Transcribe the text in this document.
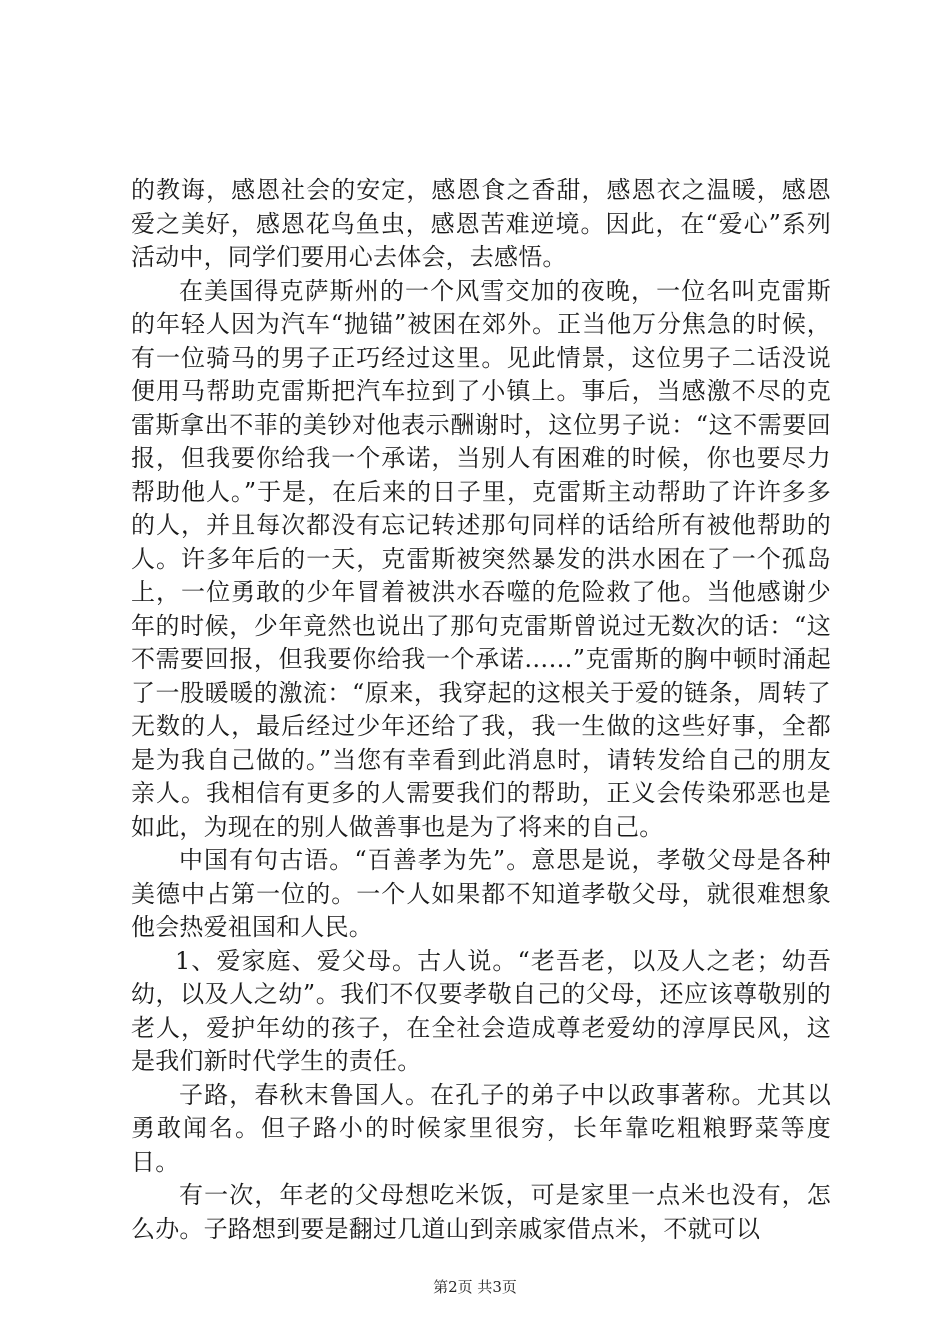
的教诲，感恩社会的安定，感恩食之香甜，感恩衣之温暖，感恩爱之美好，感恩花鸟鱼虫，感恩苦难逆境。因此，在“爱心”系列活动中，同学们要用心去体会，去感悟。

在美国得克萨斯州的一个风雪交加的夜晚，一位名叫克雷斯的年轻人因为汽车“抛锚”被困在郊外。正当他万分焦急的时候，有一位骑马的男子正巧经过这里。见此情景，这位男子二话没说便用马帮助克雷斯把汽车拉到了小镇上。事后，当感激不尽的克雷斯拿出不菲的美钞对他表示酬谢时，这位男子说：“这不需要回报，但我要你给我一个承诺，当别人有困难的时候，你也要尽力帮助他人。”于是，在后来的日子里，克雷斯主动帮助了许许多多的人，并且每次都没有忘记转述那句同样的话给所有被他帮助的人。许多年后的一天，克雷斯被突然暴发的洪水困在了一个孤岛上，一位勇敢的少年冒着被洪水吞噬的危险救了他。当他感谢少年的时候，少年竟然也说出了那句克雷斯曾说过无数次的话：“这不需要回报，但我要你给我一个承诺……”克雷斯的胸中顿时涌起了一股暖暖的激流：“原来，我穿起的这根关于爱的链条，周转了无数的人，最后经过少年还给了我，我一生做的这些好事，全都是为我自己做的。”当您有幸看到此消息时，请转发给自己的朋友亲人。我相信有更多的人需要我们的帮助，正义会传染邪恶也是如此，为现在的别人做善事也是为了将来的自己。

中国有句古语。“百善孝为先”。意思是说，孝敬父母是各种美德中占第一位的。一个人如果都不知道孝敬父母，就很难想象他会热爱祖国和人民。

1、爱家庭、爱父母。古人说。“老吾老，以及人之老；幼吾幼，以及人之幼”。我们不仅要孝敬自己的父母，还应该尊敬别的老人，爱护年幼的孩子，在全社会造成尊老爱幼的淳厚民风，这是我们新时代学生的责任。

子路，春秋末鲁国人。在孔子的弟子中以政事著称。尤其以勇敢闻名。但子路小的时候家里很穷，长年靠吃粗粮野菜等度日。

有一次，年老的父母想吃米饭，可是家里一点米也没有，怎么办。子路想到要是翻过几道山到亲戚家借点米，不就可以

第2页 共3页
